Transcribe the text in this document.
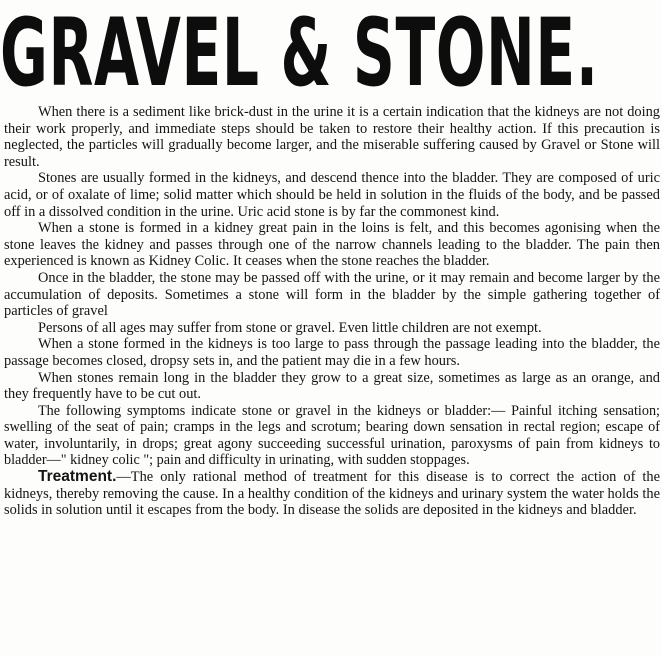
GRAVEL & STONE.

When there is a sediment like brick-dust in the urine it is a certain indication that the kidneys are not doing their work properly, and immediate steps should be taken to restore their healthy action. If this precaution is neglected, the particles will gradually become larger, and the miserable suffering caused by Gravel or Stone will result.

Stones are usually formed in the kidneys, and descend thence into the bladder. They are composed of uric acid, or of oxalate of lime; solid matter which should be held in solution in the fluids of the body, and be passed off in a dissolved condition in the urine. Uric acid stone is by far the commonest kind.

When a stone is formed in a kidney great pain in the loins is felt, and this becomes agonising when the stone leaves the kidney and passes through one of the narrow channels leading to the bladder. The pain then experienced is known as Kidney Colic. It ceases when the stone reaches the bladder.

Once in the bladder, the stone may be passed off with the urine, or it may remain and become larger by the accumulation of deposits. Sometimes a stone will form in the bladder by the simple gathering together of particles of gravel

Persons of all ages may suffer from stone or gravel. Even little children are not exempt.

When a stone formed in the kidneys is too large to pass through the passage leading into the bladder, the passage becomes closed, dropsy sets in, and the patient may die in a few hours.

When stones remain long in the bladder they grow to a great size, sometimes as large as an orange, and they frequently have to be cut out.

The following symptoms indicate stone or gravel in the kidneys or bladder:— Painful itching sensation; swelling of the seat of pain; cramps in the legs and scrotum; bearing down sensation in rectal region; escape of water, involuntarily, in drops; great agony succeeding successful urination, paroxysms of pain from kidneys to bladder—" kidney colic "; pain and difficulty in urinating, with sudden stoppages.

Treatment.—The only rational method of treatment for this disease is to correct the action of the kidneys, thereby removing the cause. In a healthy condition of the kidneys and urinary system the water holds the solids in solution until it escapes from the body. In disease the solids are deposited in the kidneys and bladder.
